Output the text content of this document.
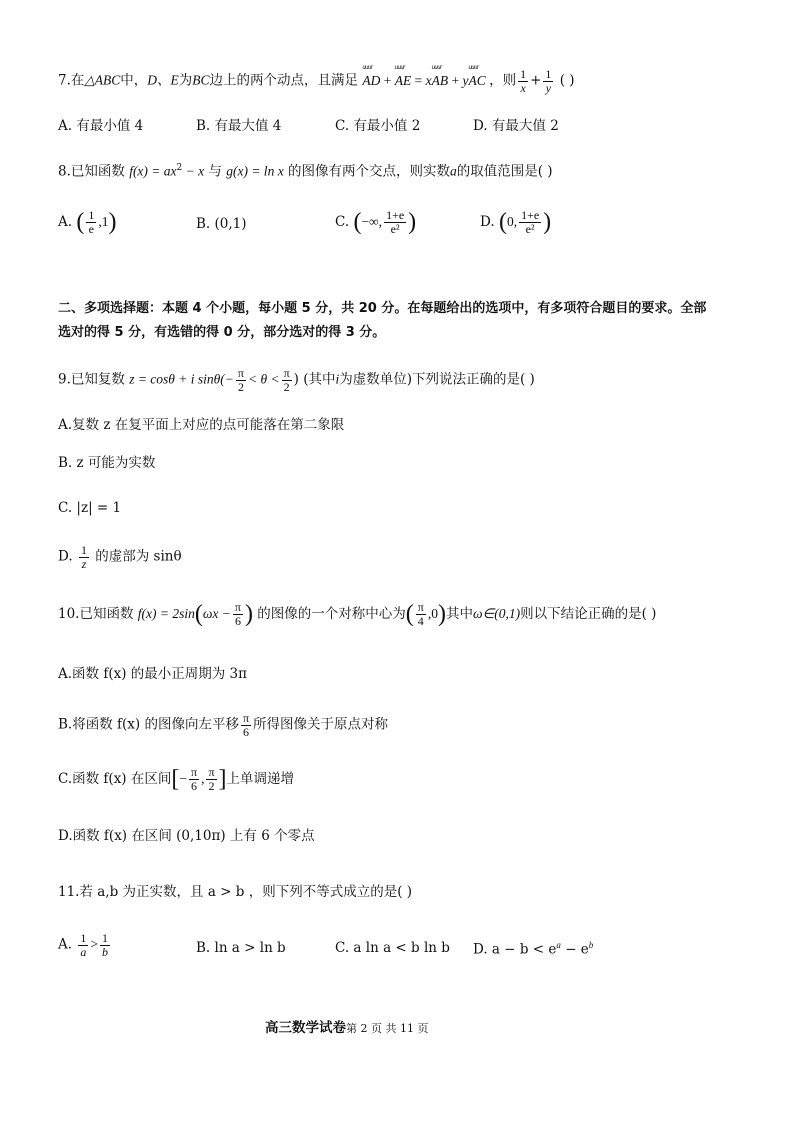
7.在△ABC中，D、E为BC边上的两个动点，且满足 uuur AD + uuur AE = xuuur AB + yuuur AC ，则 $\frac{1}{x} + \frac{1}{y}$ ( )
A. 有最小值 4	B. 有最大值 4	C. 有最小值 2	D. 有最大值 2
8.已知函数 $f(x) = ax^2 - x$ 与 g(x) = ln x 的图像有两个交点，则实数a的取值范围是( )
A. ( $\frac{1}{e} ,1$)	B. (0,1)	C. (−∞, $\frac{1+e}{\text{e²}}$ )	D. (0, $\frac{1+e}{\text{e²}}$ )
二、多项选择题：本题 4 个小题，每小题 5 分，共 20 分。在每题给出的选项中，有多项符合题目的要求。全部
选对的得 5 分，有选错的得 0 分，部分选对的得 3 分。
9.已知复数 z = cosθ + i $\sin\theta(- \frac{\pi}{2} < \theta < \frac{\pi}{2}$ ) (其中i为虚数单位)下列说法正确的是( )
A.复数 z 在复平面上对应的点可能落在第二象限
B. z 可能为实数
C. |z| = 1
D. $\frac{1}{z}$ 的虚部为 sinθ
10.已知函数 $f(x) = 2\sin(\omega x - \frac{\pi}{6}$ ) 的图像的一个对称中心为( $\frac{\pi}{4} ,0$)其中ω∈(0,1)则以下结论正确的是( )
A.函数 f(x) 的最小正周期为 3π
B.将函数 f(x) 的图像向左平移 $\frac{\pi}{6}$ 所得图像关于原点对称
C.函数 f(x) 在区间[− $\frac{\pi}{6}$ , $\frac{\pi}{2}$ ]上单调递增
D.函数 f(x) 在区间 (0,10π) 上有 6 个零点
11.若 a,b 为正实数，且 a > b ，则下列不等式成立的是( )
A. $\frac{1}{a} > \frac{1}{b}$	B. ln a > ln b	C. a ln a < b ln b D. $a - b < e^a - e^b$
高三数学试卷第 2 页 共 11 页
